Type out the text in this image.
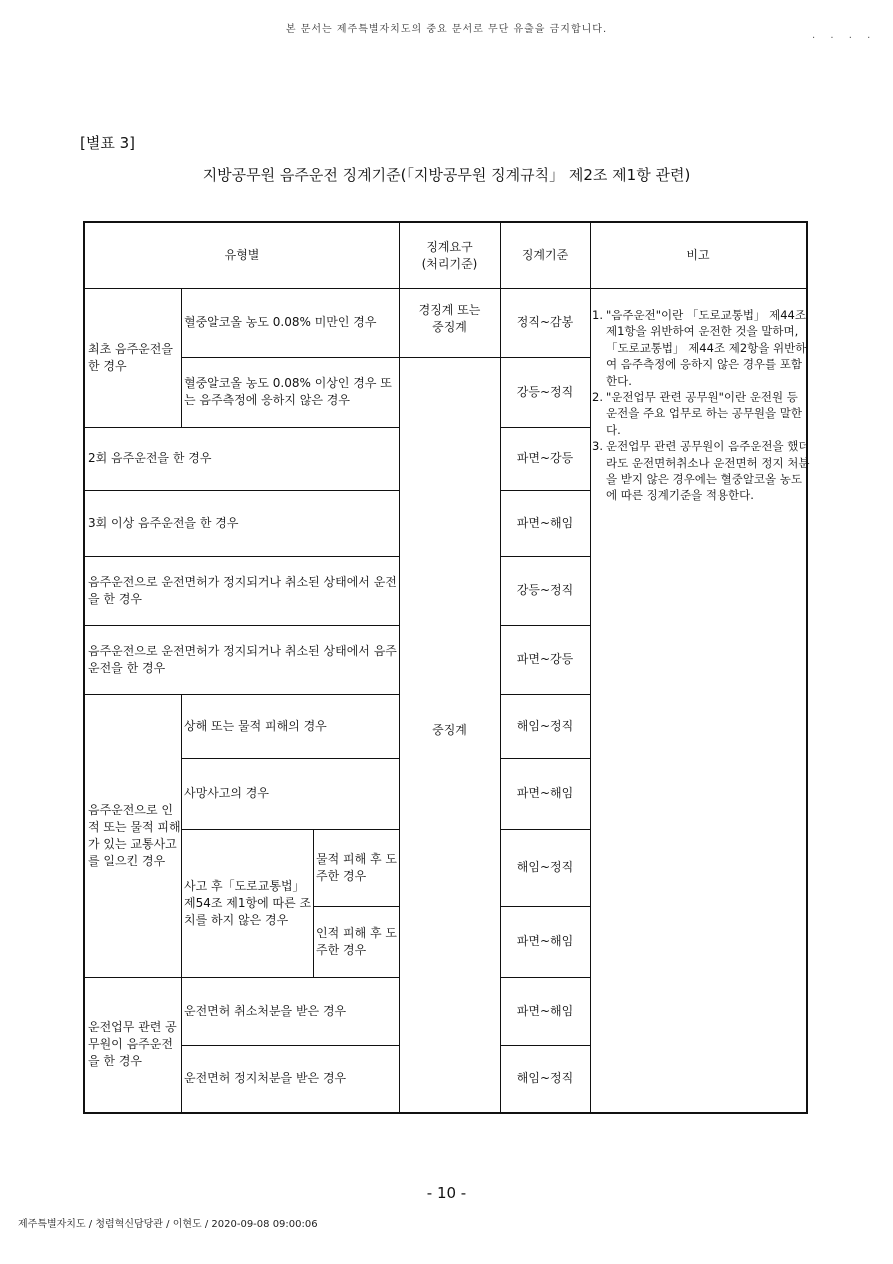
본 문서는 제주특별자치도의 중요 문서로 무단 유출을 금지합니다.
. . . .
[별표 3]
지방공무원 음주운전 징계기준(「지방공무원 징계규칙」 제2조 제1항 관련)
유형별
징계요구
(처리기준)
징계기준	비고
최초 음주운전을 한 경우
음주운전으로 인적 또는 물적 피해가 있는 교통사고를 일으킨 경우
사고 후「도로교통법」 제54조 제1항에 따른 조치를 하지 않은 경우
운전업무 관련 공무원이 음주운전을 한 경우
혈중알코올 농도 0.08% 미만인 경우
혈중알코올 농도 0.08% 이상인 경우 또는 음주측정에 응하지 않은 경우
2회 음주운전을 한 경우
3회 이상 음주운전을 한 경우
음주운전으로 운전면허가 정지되거나 취소된 상태에서 운전을 한 경우
음주운전으로 운전면허가 정지되거나 취소된 상태에서 음주운전을 한 경우
상해 또는 물적 피해의 경우
사망사고의 경우
물적 피해 후 도주한 경우
인적 피해 후 도주한 경우
운전면허 취소처분을 받은 경우
운전면허 정지처분을 받은 경우
경징계 또는 중징계
중징계
정직~감봉
강등~정직
파면~강등
파면~해임
강등~정직
파면~강등
해임~정직
파면~해임
해임~정직
파면~해임
파면~해임
해임~정직
1. "음주운전"이란 「도로교통법」 제44조 제1항을 위반하여 운전한 것을 말하며, 「도로교통법」 제44조 제2항을 위반하여 음주측정에 응하지 않은 경우를 포함한다.
2. "운전업무 관련 공무원"이란 운전원 등 운전을 주요 업무로 하는 공무원을 말한다.
3. 운전업무 관련 공무원이 음주운전을 했더라도 운전면허취소나 운전면허 정지 처분을 받지 않은 경우에는 혈중알코올 농도에 따른 징계기준을 적용한다.
- 10 -
제주특별자치도 / 청렴혁신담당관 / 이현도 / 2020-09-08 09:00:06
